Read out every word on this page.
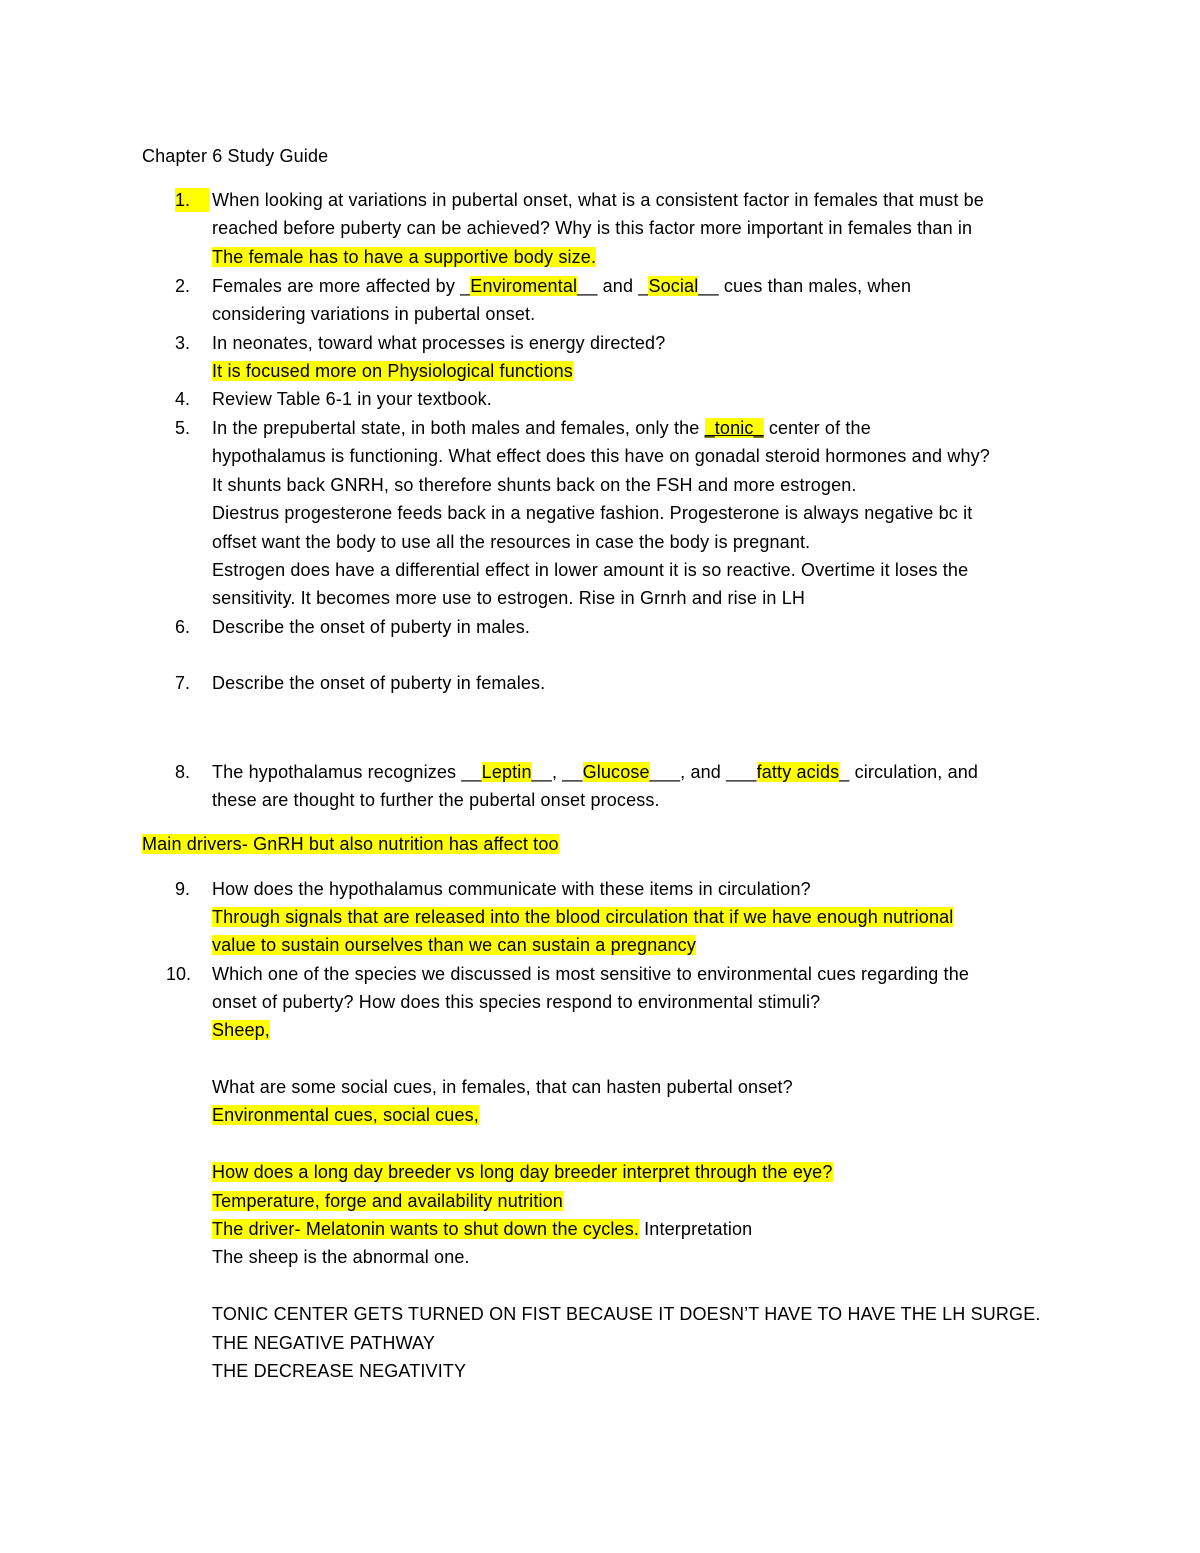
Chapter 6 Study Guide
1.	When looking at variations in pubertal onset, what is a consistent factor in females that must be
reached before puberty can be achieved? Why is this factor more important in females than in
The female has to have a supportive body size.
2.	Females are more affected by _Enviromental__ and _Social__ cues than males, when
considering variations in pubertal onset.
3.	In neonates, toward what processes is energy directed?
It is focused more on Physiological functions
4.	Review Table 6-1 in your textbook.
5.	In the prepubertal state, in both males and females, only the _tonic_ center of the
hypothalamus is functioning. What effect does this have on gonadal steroid hormones and why?
It shunts back GNRH, so therefore shunts back on the FSH and more estrogen.
Diestrus progesterone feeds back in a negative fashion. Progesterone is always negative bc it
offset want the body to use all the resources in case the body is pregnant.
Estrogen does have a differential effect in lower amount it is so reactive. Overtime it loses the
sensitivity. It becomes more use to estrogen. Rise in Grnrh and rise in LH
6.	Describe the onset of puberty in males.
7.	Describe the onset of puberty in females.
8.	The hypothalamus recognizes __Leptin__, __Glucose___, and ___fatty acids_ circulation, and
these are thought to further the pubertal onset process.
Main drivers- GnRH but also nutrition has affect too
9.	How does the hypothalamus communicate with these items in circulation?
Through signals that are released into the blood circulation that if we have enough nutrional
value to sustain ourselves than we can sustain a pregnancy
10.	Which one of the species we discussed is most sensitive to environmental cues regarding the
onset of puberty? How does this species respond to environmental stimuli?
Sheep,
What are some social cues, in females, that can hasten pubertal onset?
Environmental cues, social cues,
How does a long day breeder vs long day breeder interpret through the eye?
Temperature, forge and availability nutrition
The driver- Melatonin wants to shut down the cycles. Interpretation
The sheep is the abnormal one.
TONIC CENTER GETS TURNED ON FIST BECAUSE IT DOESN’T HAVE TO HAVE THE LH SURGE.
THE NEGATIVE PATHWAY
THE DECREASE NEGATIVITY
